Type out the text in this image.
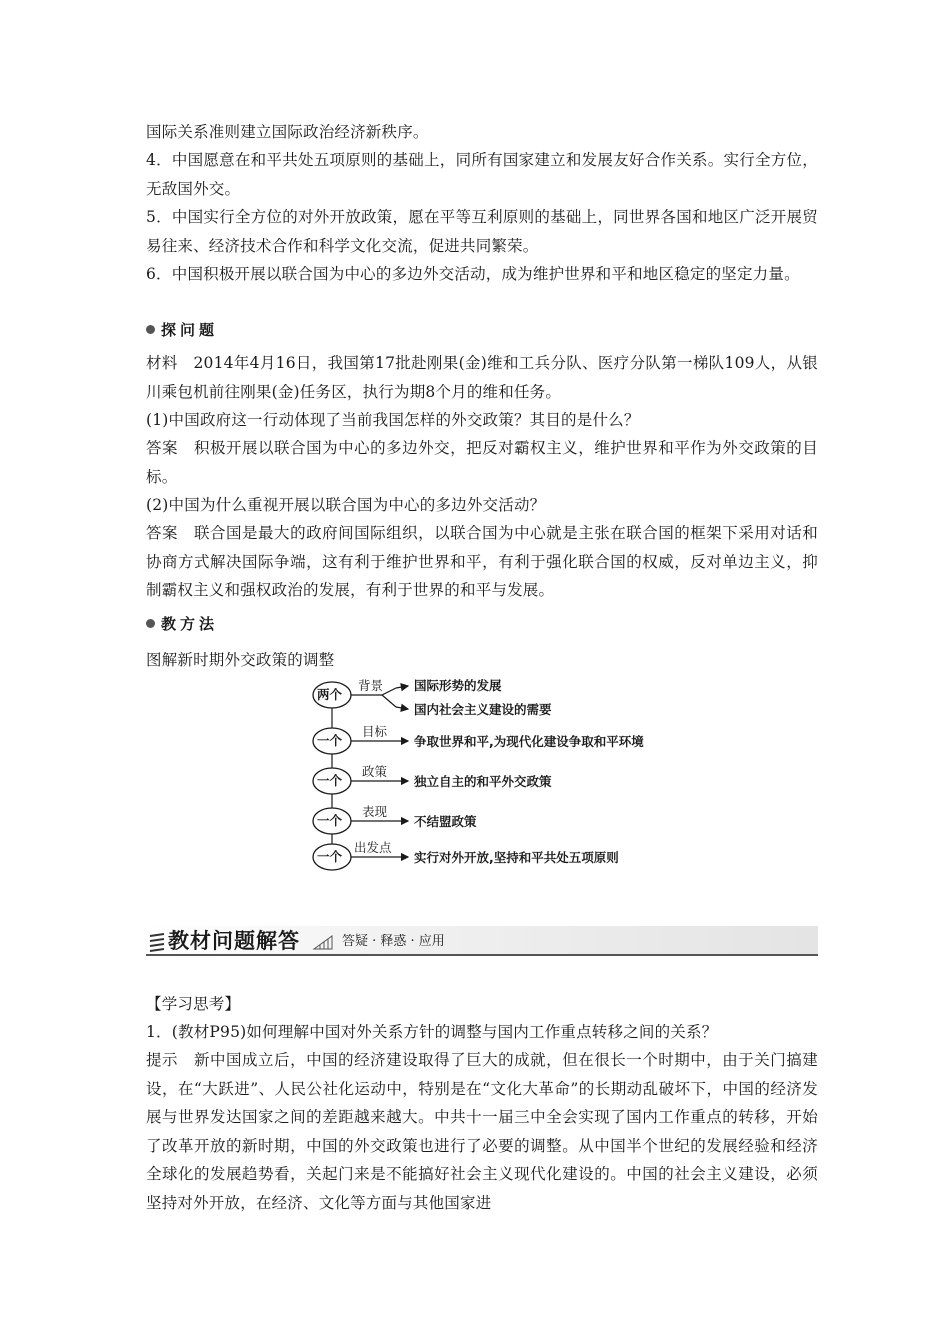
国际关系准则建立国际政治经济新秩序。

4．中国愿意在和平共处五项原则的基础上，同所有国家建立和发展友好合作关系。实行全方位，无敌国外交。

5．中国实行全方位的对外开放政策，愿在平等互利原则的基础上，同世界各国和地区广泛开展贸易往来、经济技术合作和科学文化交流，促进共同繁荣。

6．中国积极开展以联合国为中心的多边外交活动，成为维护世界和平和地区稳定的坚定力量。

探问题

材料　2014年4月16日，我国第17批赴刚果(金)维和工兵分队、医疗分队第一梯队109人，从银川乘包机前往刚果(金)任务区，执行为期8个月的维和任务。

(1)中国政府这一行动体现了当前我国怎样的外交政策？其目的是什么？

答案　积极开展以联合国为中心的多边外交，把反对霸权主义，维护世界和平作为外交政策的目标。

(2)中国为什么重视开展以联合国为中心的多边外交活动？

答案　联合国是最大的政府间国际组织，以联合国为中心就是主张在联合国的框架下采用对话和协商方式解决国际争端，这有利于维护世界和平，有利于强化联合国的权威，反对单边主义，抑制霸权主义和强权政治的发展，有利于世界的和平与发展。

教方法

图解新时期外交政策的调整

两个
一个
一个
一个
一个
背景
目标
政策
表现
出发点
国际形势的发展
国内社会主义建设的需要
争取世界和平,为现代化建设争取和平环境
独立自主的和平外交政策
不结盟政策
实行对外开放,坚持和平共处五项原则
教材问题解答	答疑 · 释惑 · 应用

【学习思考】

1．(教材P95)如何理解中国对外关系方针的调整与国内工作重点转移之间的关系？

提示　新中国成立后，中国的经济建设取得了巨大的成就，但在很长一个时期中，由于关门搞建设，在“大跃进”、人民公社化运动中，特别是在“文化大革命”的长期动乱破坏下，中国的经济发展与世界发达国家之间的差距越来越大。中共十一届三中全会实现了国内工作重点的转移，开始了改革开放的新时期，中国的外交政策也进行了必要的调整。从中国半个世纪的发展经验和经济全球化的发展趋势看，关起门来是不能搞好社会主义现代化建设的。中国的社会主义建设，必须坚持对外开放，在经济、文化等方面与其他国家进
